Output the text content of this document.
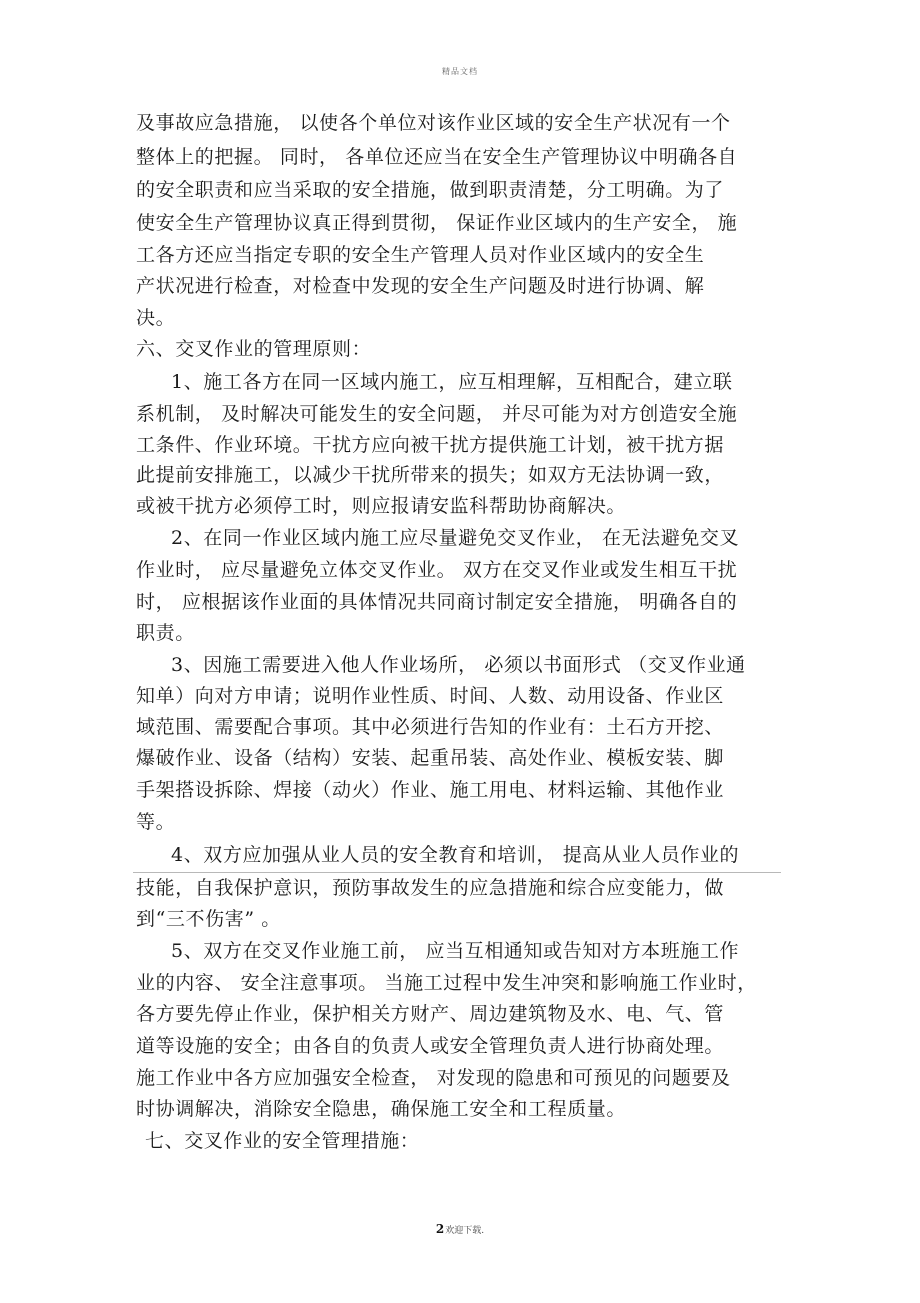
精品文档
及事故应急措施， 以使各个单位对该作业区域的安全生产状况有一个
整体上的把握。 同时， 各单位还应当在安全生产管理协议中明确各自
的安全职责和应当采取的安全措施，做到职责清楚，分工明确。为了
使安全生产管理协议真正得到贯彻， 保证作业区域内的生产安全， 施
工各方还应当指定专职的安全生产管理人员对作业区域内的安全生
产状况进行检查，对检查中发现的安全生产问题及时进行协调、解
决。
六、交叉作业的管理原则：
1、施工各方在同一区域内施工，应互相理解，互相配合，建立联
系机制， 及时解决可能发生的安全问题， 并尽可能为对方创造安全施
工条件、作业环境。干扰方应向被干扰方提供施工计划，被干扰方据
此提前安排施工，以减少干扰所带来的损失；如双方无法协调一致，
或被干扰方必须停工时，则应报请安监科帮助协商解决。
2、在同一作业区域内施工应尽量避免交叉作业， 在无法避免交叉
作业时， 应尽量避免立体交叉作业。 双方在交叉作业或发生相互干扰
时， 应根据该作业面的具体情况共同商讨制定安全措施， 明确各自的
职责。
3、因施工需要进入他人作业场所， 必须以书面形式 （交叉作业通
知单）向对方申请；说明作业性质、时间、人数、动用设备、作业区
域范围、需要配合事项。其中必须进行告知的作业有：土石方开挖、
爆破作业、设备（结构）安装、起重吊装、高处作业、模板安装、脚
手架搭设拆除、焊接（动火）作业、施工用电、材料运输、其他作业
等。
4、双方应加强从业人员的安全教育和培训， 提高从业人员作业的
技能，自我保护意识，预防事故发生的应急措施和综合应变能力，做
到“三不伤害” 。
5、双方在交叉作业施工前， 应当互相通知或告知对方本班施工作
业的内容、 安全注意事项。 当施工过程中发生冲突和影响施工作业时，
各方要先停止作业，保护相关方财产、周边建筑物及水、电、气、管
道等设施的安全；由各自的负责人或安全管理负责人进行协商处理。
施工作业中各方应加强安全检查， 对发现的隐患和可预见的问题要及
时协调解决，消除安全隐患，确保施工安全和工程质量。
七、交叉作业的安全管理措施：
2欢迎下载.
